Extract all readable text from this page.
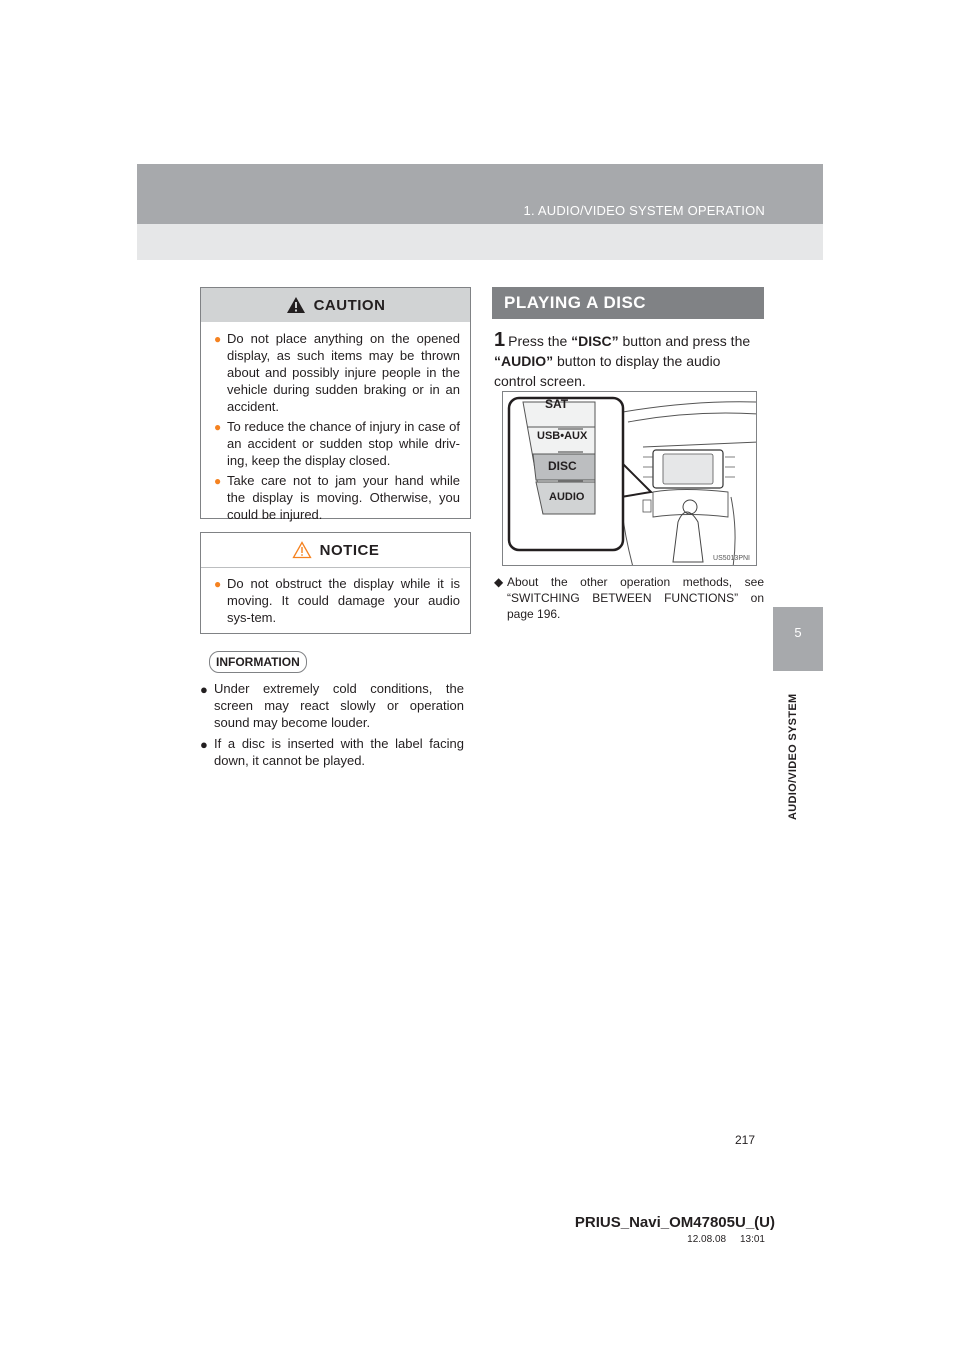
1. AUDIO/VIDEO SYSTEM OPERATION
5
AUDIO/VIDEO SYSTEM
CAUTION
● Do not place anything on the opened display, as such items may be thrown about and possibly injure people in the vehicle during sudden braking or in an accident.
● To reduce the chance of injury in case of an accident or sudden stop while driv-ing, keep the display closed.
● Take care not to jam your hand while the display is moving. Otherwise, you could be injured.
NOTICE
● Do not obstruct the display while it is moving. It could damage your audio sys-tem.
INFORMATION
● Under extremely cold conditions, the screen may react slowly or operation sound may become louder.
● If a disc is inserted with the label facing down, it cannot be played.
PLAYING A DISC
1 Press the “DISC” button and press the “AUDIO” button to display the audio control screen.
SAT
USB•AUX
DISC
AUDIO
US5013PNI
◆ About the other operation methods, see “SWITCHING BETWEEN FUNCTIONS” on page 196.
217
PRIUS_Navi_OM47805U_(U)
12.08.08     13:01
